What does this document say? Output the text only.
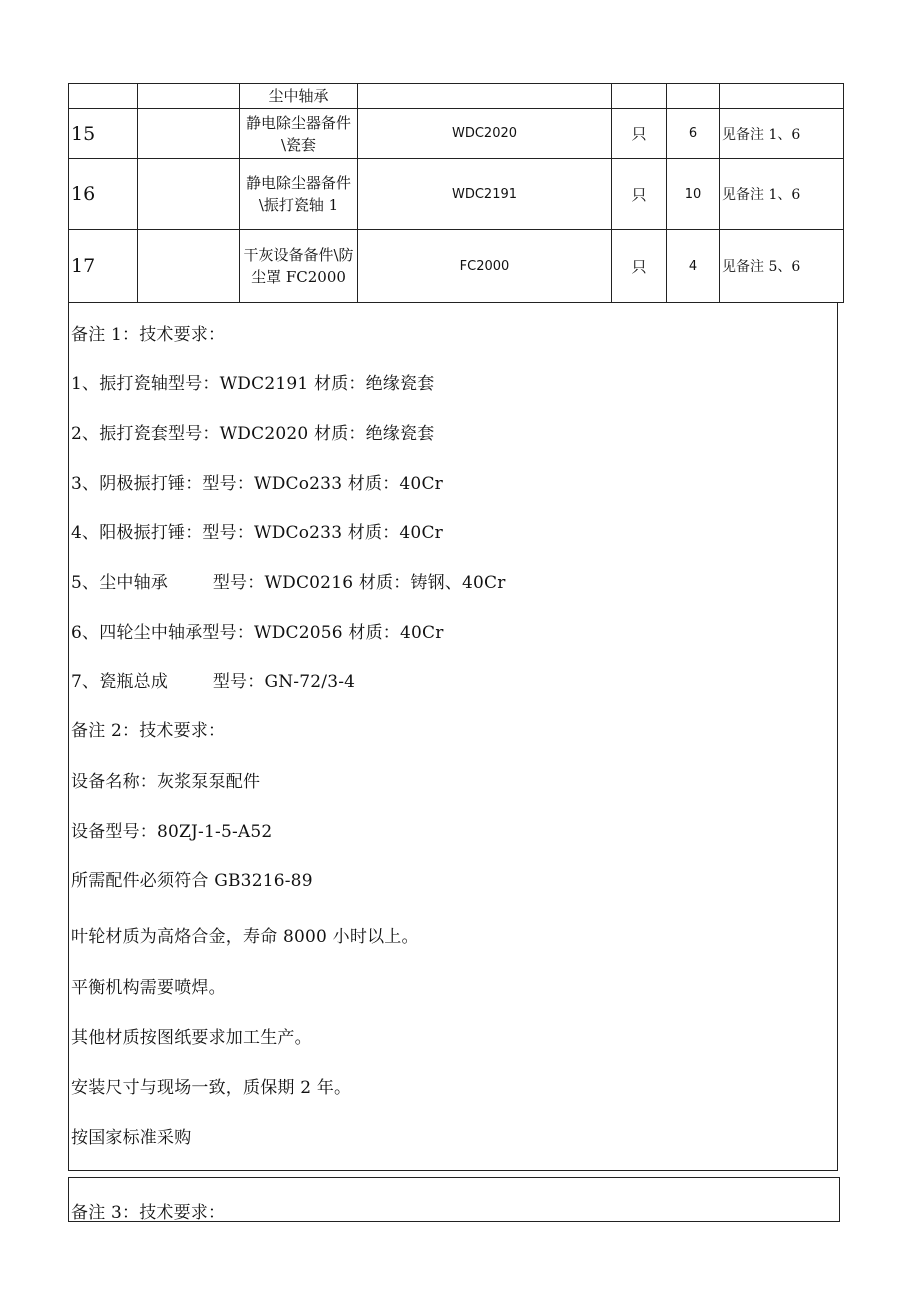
		尘中轴承				
15		静电除尘器备件\瓷套	WDC2020	只	6	见备注 1、6
16		静电除尘器备件\振打瓷轴 1	WDC2191	只	10	见备注 1、6
17		干灰设备备件\防尘罩 FC2000	FC2000	只	4	见备注 5、6
备注 1：技术要求：
1、振打瓷轴型号：WDC2191 材质：绝缘瓷套
2、振打瓷套型号：WDC2020 材质：绝缘瓷套
3、阴极振打锤：型号：WDCo233 材质：40Cr
4、阳极振打锤：型号：WDCo233 材质：40Cr
5、尘中轴承        型号：WDC0216 材质：铸钢、40Cr
6、四轮尘中轴承型号：WDC2056 材质：40Cr
7、瓷瓶总成        型号：GN-72/3-4
备注 2：技术要求：
设备名称：灰浆泵泵配件
设备型号：80ZJ-1-5-A52
所需配件必须符合 GB3216-89
叶轮材质为高烙合金，寿命 8000 小时以上。
平衡机构需要喷焊。
其他材质按图纸要求加工生产。
安装尺寸与现场一致，质保期 2 年。
按国家标准采购
备注 3：技术要求：
